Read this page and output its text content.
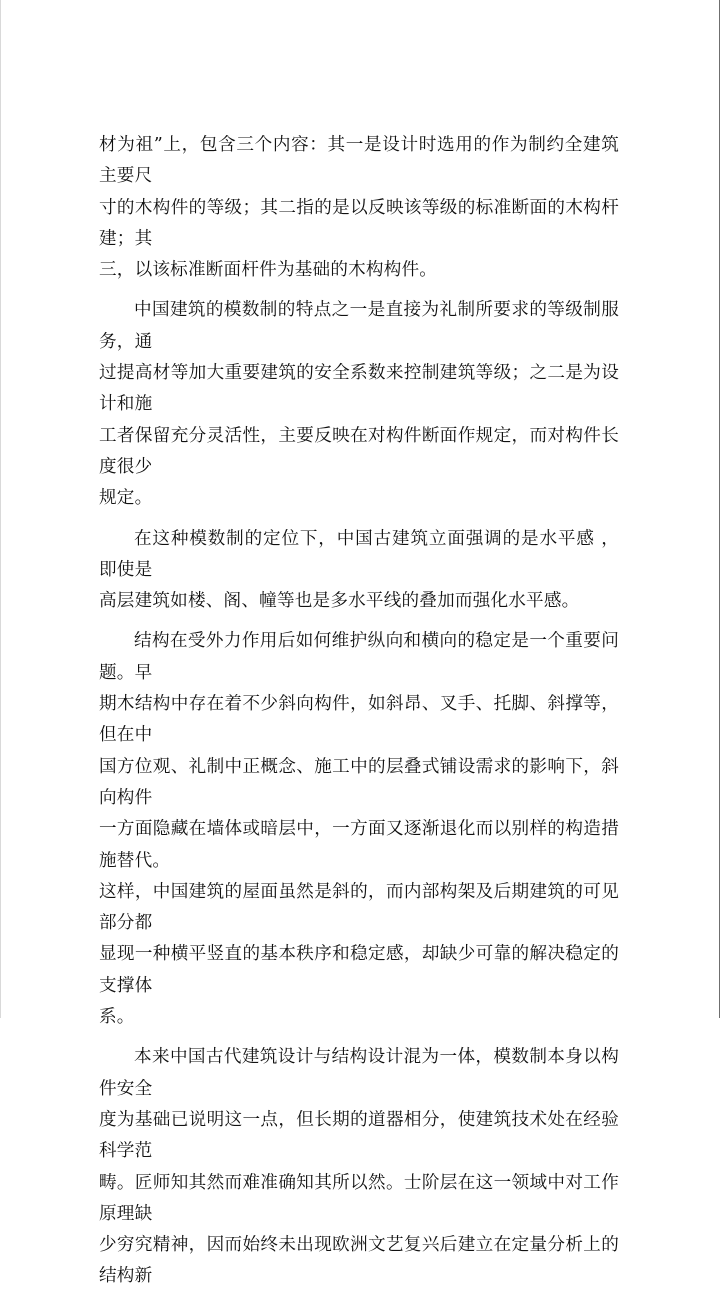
材为祖”上，包含三个内容：其一是设计时选用的作为制约全建筑主要尺
寸的木构件的等级；其二指的是以反映该等级的标准断面的木构杆建；其
三，以该标准断面杆件为基础的木构构件。

中国建筑的模数制的特点之一是直接为礼制所要求的等级制服务，通
过提高材等加大重要建筑的安全系数来控制建筑等级；之二是为设计和施
工者保留充分灵活性，主要反映在对构件断面作规定，而对构件长度很少
规定。

在这种模数制的定位下，中国古建筑立面强调的是水平感 ，即使是
高层建筑如楼、阁、幢等也是多水平线的叠加而强化水平感。

结构在受外力作用后如何维护纵向和横向的稳定是一个重要问题。早
期木结构中存在着不少斜向构件，如斜昂、叉手、托脚、斜撑等，但在中
国方位观、礼制中正概念、施工中的层叠式铺设需求的影响下，斜向构件
一方面隐藏在墙体或暗层中，一方面又逐渐退化而以别样的构造措施替代。
这样，中国建筑的屋面虽然是斜的，而内部构架及后期建筑的可见部分都
显现一种横平竖直的基本秩序和稳定感，却缺少可靠的解决稳定的支撑体
系。

本来中国古代建筑设计与结构设计混为一体，模数制本身以构件安全
度为基础已说明这一点，但长期的道器相分，使建筑技术处在经验科学范
畴。匠师知其然而难准确知其所以然。士阶层在这一领域中对工作原理缺
少穷究精神，因而始终未出现欧洲文艺复兴后建立在定量分析上的结构新
